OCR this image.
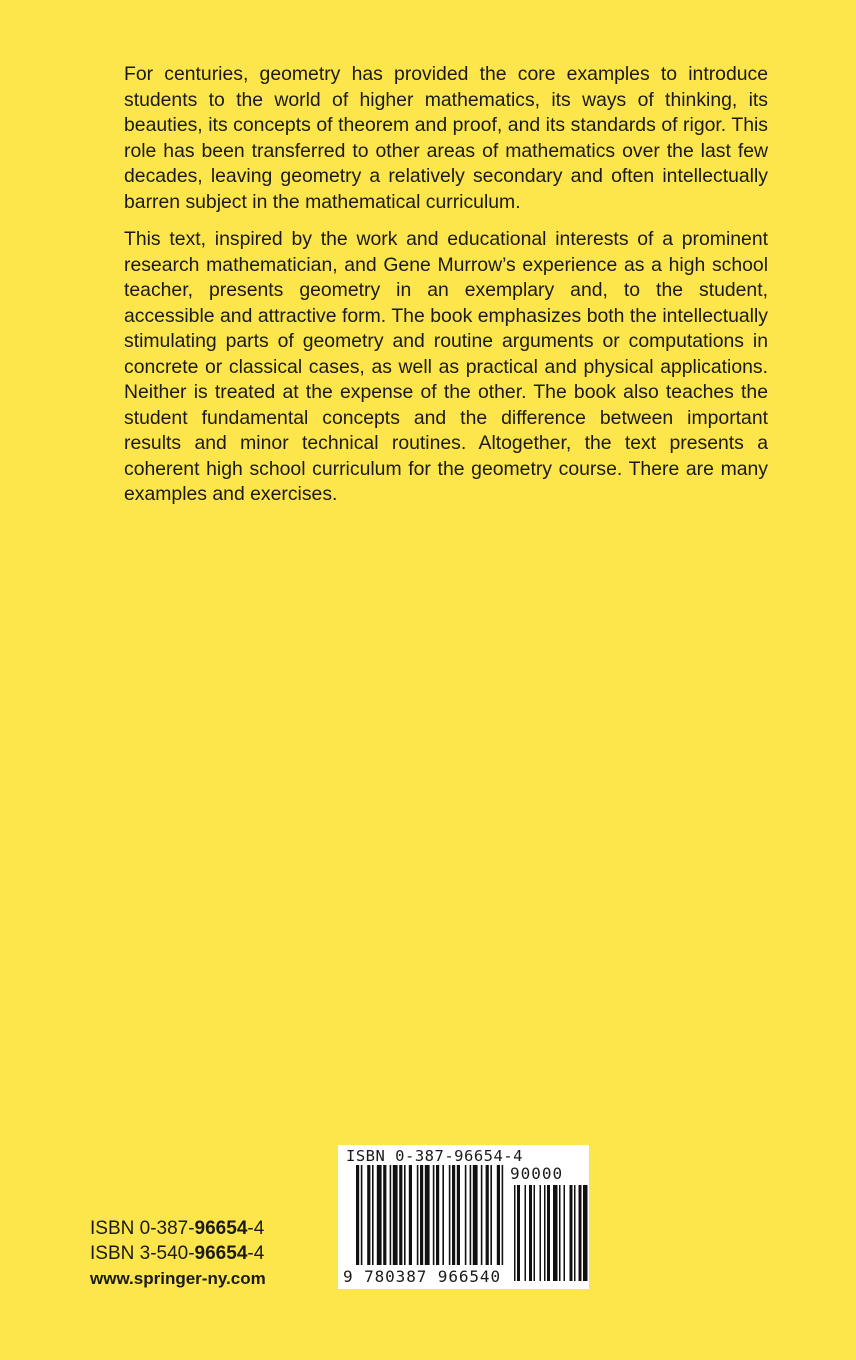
For centuries, geometry has provided the core examples to introduce students to the world of higher mathematics, its ways of thinking, its beauties, its concepts of theorem and proof, and its standards of rigor. This role has been transferred to other areas of mathematics over the last few decades, leaving geometry a relatively secondary and often intellectually barren subject in the mathematical curriculum.

This text, inspired by the work and educational interests of a prominent research mathematician, and Gene Murrow’s experience as a high school teacher, presents geometry in an exemplary and, to the student, accessible and attractive form. The book emphasizes both the intellectually stimulating parts of geometry and routine arguments or computations in concrete or classical cases, as well as practical and physical applications. Neither is treated at the expense of the other. The book also teaches the student fundamental concepts and the difference between important results and minor technical routines. Altogether, the text presents a coherent high school curriculum for the geometry course. There are many examples and exercises.

ISBN 0-387-96654-4
ISBN 3-540-96654-4
www.springer-ny.com
ISBN 0-387-96654-4
90000
9 780387 966540
